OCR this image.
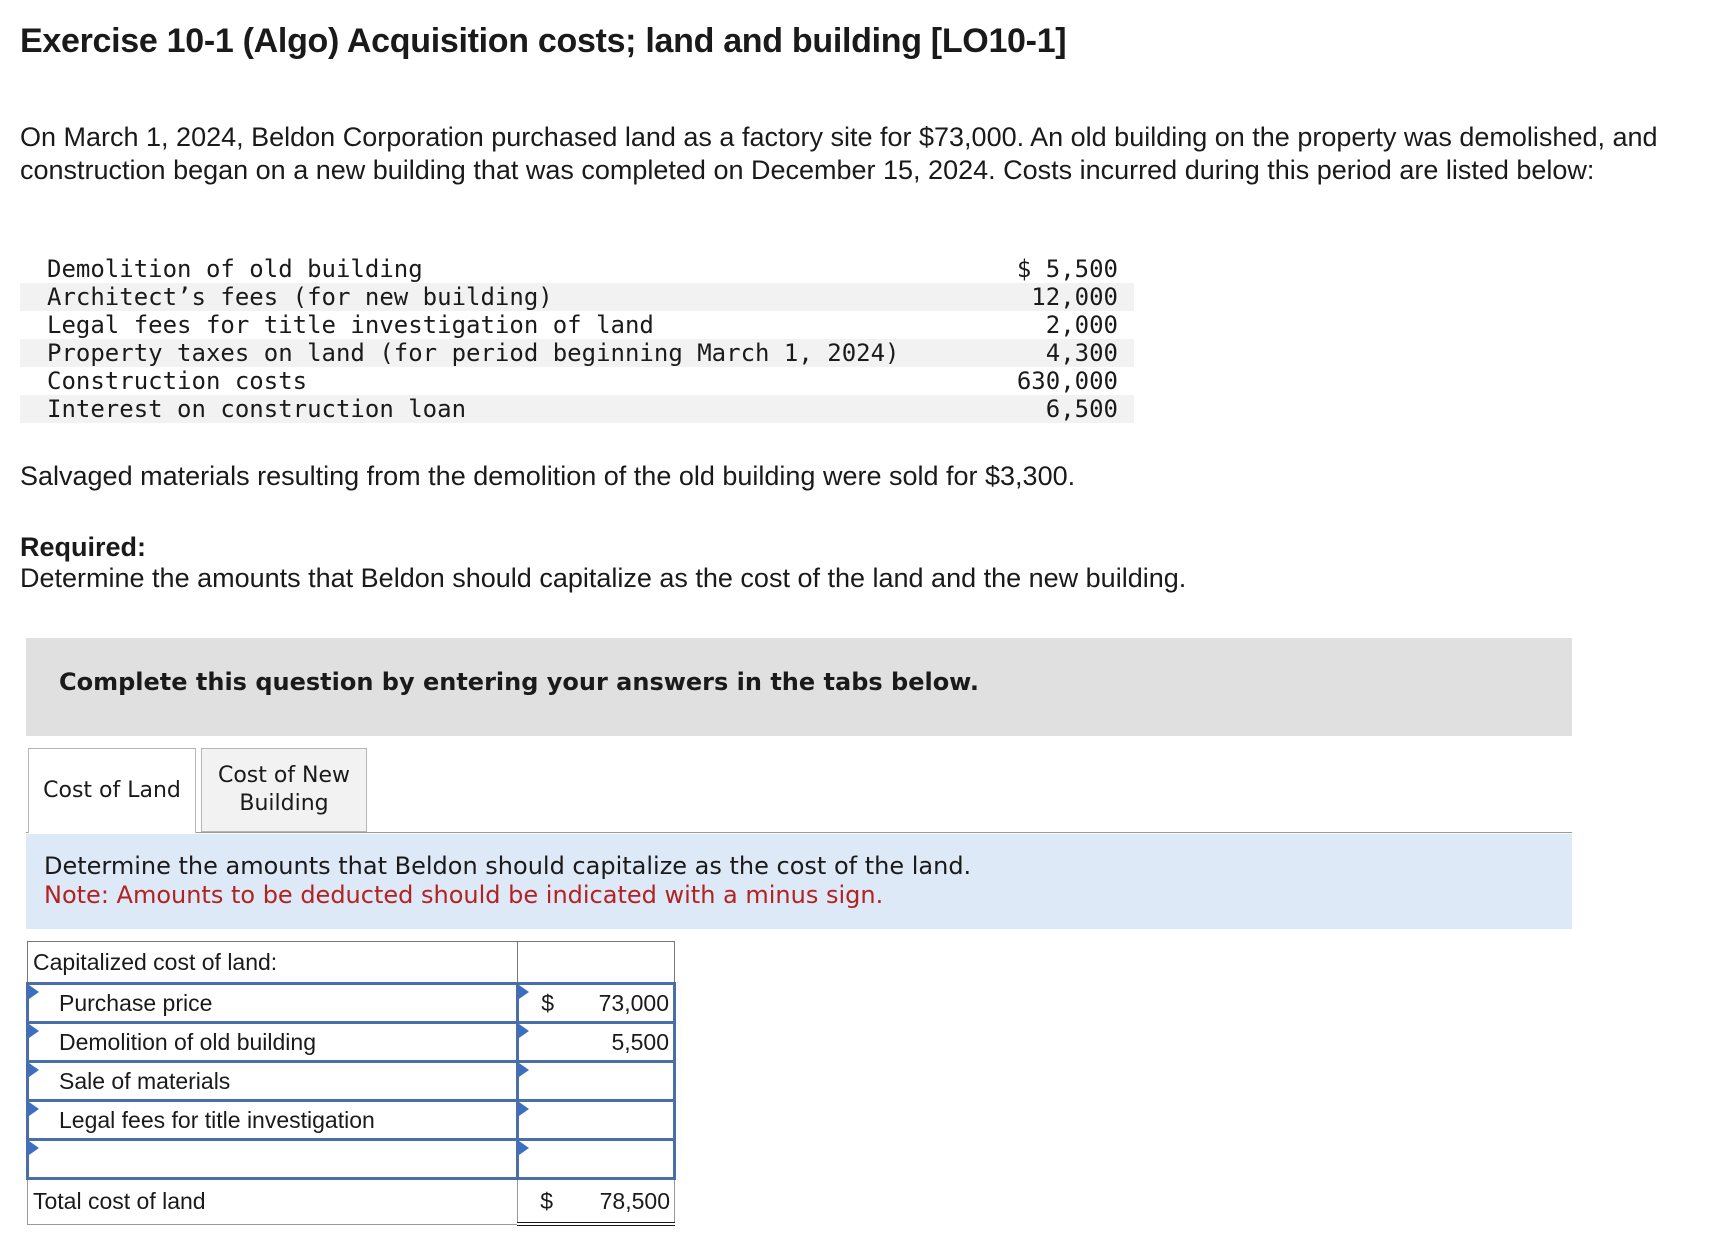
Exercise 10-1 (Algo) Acquisition costs; land and building [LO10-1]

On March 1, 2024, Beldon Corporation purchased land as a factory site for $73,000. An old building on the property was demolished, and construction began on a new building that was completed on December 15, 2024. Costs incurred during this period are listed below:

Demolition of old building	$ 5,500
Architect’s fees (for new building)	12,000
Legal fees for title investigation of land	2,000
Property taxes on land (for period beginning March 1, 2024)	4,300
Construction costs	630,000
Interest on construction loan	6,500

Salvaged materials resulting from the demolition of the old building were sold for $3,300.

Required:

Determine the amounts that Beldon should capitalize as the cost of the land and the new building.

Complete this question by entering your answers in the tabs below.
Cost of Land
Cost of New
Building
Determine the amounts that Beldon should capitalize as the cost of the land.
Note: Amounts to be deducted should be indicated with a minus sign.
Capitalized cost of land:	

Purchase price	$ 73,000

Demolition of old building	5,500

Sale of materials	

Legal fees for title investigation	

Total cost of land	$ 78,500
